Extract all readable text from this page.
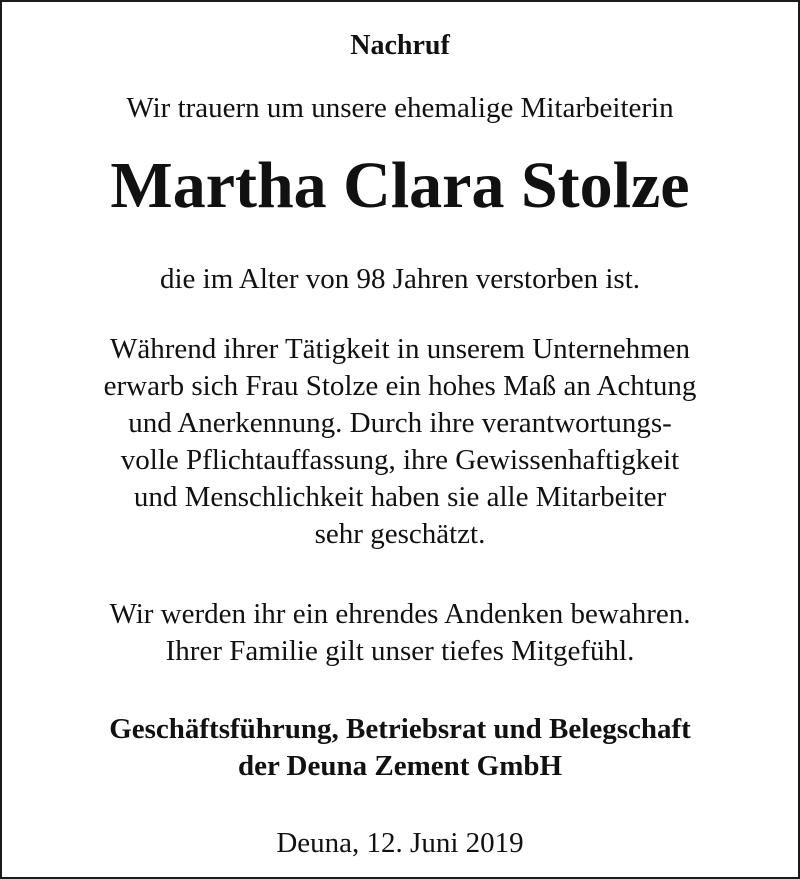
Nachruf
Wir trauern um unsere ehemalige Mitarbeiterin
Martha Clara Stolze
die im Alter von 98 Jahren verstorben ist.
Während ihrer Tätigkeit in unserem Unternehmen
erwarb sich Frau Stolze ein hohes Maß an Achtung
und Anerkennung. Durch ihre verantwortungs-
volle Pflichtauffassung, ihre Gewissenhaftigkeit
und Menschlichkeit haben sie alle Mitarbeiter
sehr geschätzt.
Wir werden ihr ein ehrendes Andenken bewahren.
Ihrer Familie gilt unser tiefes Mitgefühl.
Geschäftsführung, Betriebsrat und Belegschaft
der Deuna Zement GmbH
Deuna, 12. Juni 2019
